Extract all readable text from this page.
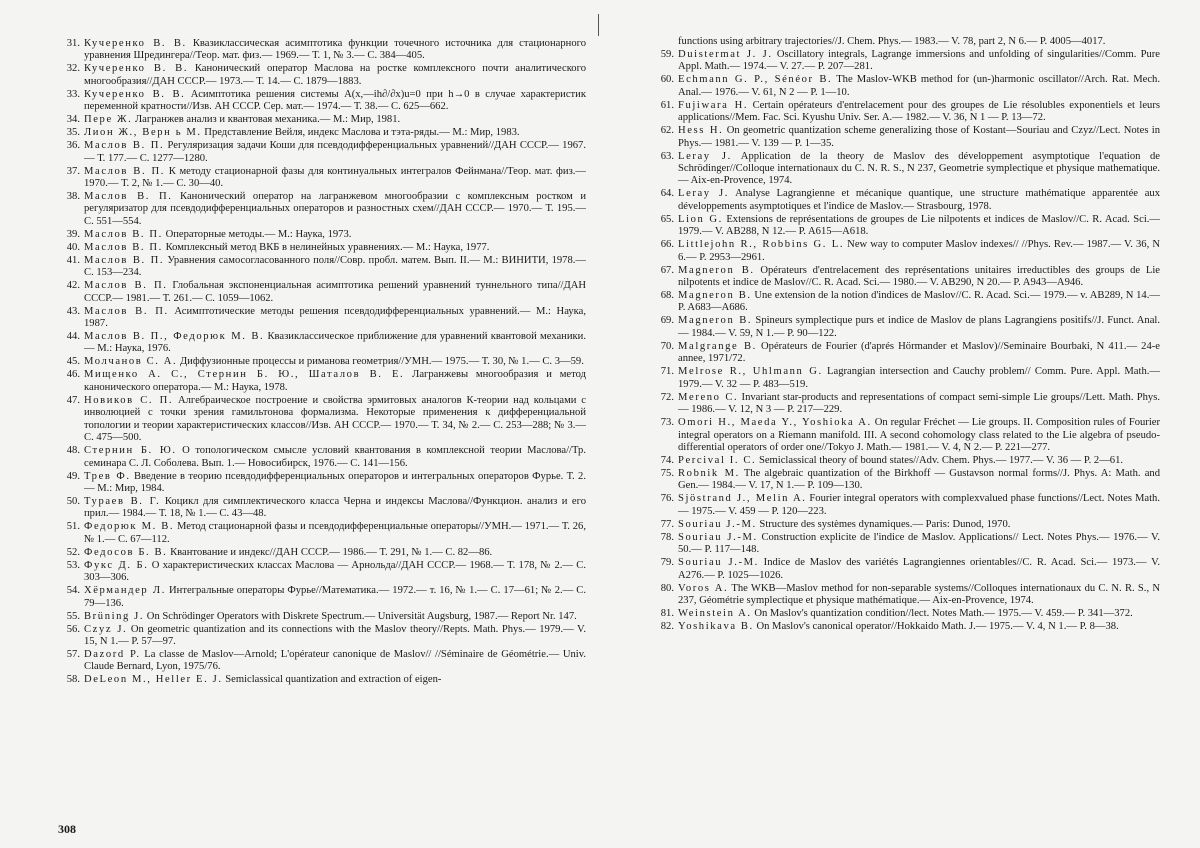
31. Кучеренко В. В. Квазиклассическая асимптотика функции точечного источника для стационарного уравнения Шредингера//Теор. мат. физ.— 1969.— Т. 1, № 3.— С. 384—405.
32. Кучеренко В. В. Канонический оператор Маслова на ростке комплексного почти аналитического многообразия//ДАН СССР.— 1973.— Т. 14.— С. 1879—1883.
33. Кучеренко В. В. Асимптотика решения системы A(x,—ih∂/∂x)u=0 при h→0 в случае характеристик переменной кратности//Изв. АН СССР. Сер. мат.— 1974.— Т. 38.— С. 625—662.
34. Пере Ж. Лагранжев анализ и квантовая механика.— М.: Мир, 1981.
35. Лион Ж., Верн ь М. Представление Вейля, индекс Маслова и тэта-ряды.— М.: Мир, 1983.
36. Маслов В. П. Регуляризация задачи Коши для псевдодифференциальных уравнений//ДАН СССР.— 1967.— Т. 177.— С. 1277—1280.
37. Маслов В. П. К методу стационарной фазы для континуальных интегралов Фейнмана//Теор. мат. физ.— 1970.— Т. 2, № 1.— С. 30—40.
38. Маслов В. П. Канонический оператор на лагранжевом многообразии с комплексным ростком и регуляризатор для псевдодифференциальных операторов и разностных схем//ДАН СССР.— 1970.— Т. 195.— С. 551—554.
39. Маслов В. П. Операторные методы.— М.: Наука, 1973.
40. Маслов В. П. Комплексный метод ВКБ в нелинейных уравнениях.— М.: Наука, 1977.
41. Маслов В. П. Уравнения самосогласованного поля//Совр. пробл. матем. Вып. II.— М.: ВИНИТИ, 1978.— С. 153—234.
42. Маслов В. П. Глобальная экспоненциальная асимптотика решений уравнений туннельного типа//ДАН СССР.— 1981.— Т. 261.— С. 1059—1062.
43. Маслов В. П. Асимптотические методы решения псевдодифференциальных уравнений.— М.: Наука, 1987.
44. Маслов В. П., Федорюк М. В. Квазиклассическое приближение для уравнений квантовой механики.— М.: Наука, 1976.
45. Молчанов С. А. Диффузионные процессы и риманова геометрия//УМН.— 1975.— Т. 30, № 1.— С. 3—59.
46. Мищенко А. С., Стернин Б. Ю., Шаталов В. Е. Лагранжевы многообразия и метод канонического оператора.— М.: Наука, 1978.
47. Новиков С. П. Алгебраическое построение и свойства эрмитовых аналогов К-теории над кольцами с инволюцией с точки зрения гамильтонова формализма. Некоторые применения к дифференциальной топологии и теории характеристических классов//Изв. АН СССР.— 1970.— Т. 34, № 2.— С. 253—288; № 3.— С. 475—500.
48. Стернин Б. Ю. О топологическом смысле условий квантования в комплексной теории Маслова//Тр. семинара С. Л. Соболева. Вып. 1.— Новосибирск, 1976.— С. 141—156.
49. Трев Ф. Введение в теорию псевдодифференциальных операторов и интегральных операторов Фурье. Т. 2.— М.: Мир, 1984.
50. Тураев В. Г. Коцикл для симплектического класса Черна и индексы Маслова//Функцион. анализ и его прил.— 1984.— Т. 18, № 1.— С. 43—48.
51. Федорюк М. В. Метод стационарной фазы и псевдодифференциальные операторы//УМН.— 1971.— Т. 26, № 1.— С. 67—112.
52. Федосов Б. В. Квантование и индекс//ДАН СССР.— 1986.— Т. 291, № 1.— С. 82—86.
53. Фукс Д. Б. О характеристических классах Маслова — Арнольда//ДАН СССР.— 1968.— Т. 178, № 2.— С. 303—306.
54. Хёрмандер Л. Интегральные операторы Фурье//Математика.— 1972.— т. 16, № 1.— С. 17—61; № 2.— С. 79—136.
55. Brüning J. On Schrödinger Operators with Diskrete Spectrum.— Universität Augsburg, 1987.— Report Nr. 147.
56. Czyz J. On geometric quantization and its connections with the Maslov theory//Repts. Math. Phys.— 1979.— V. 15, N 1.— P. 57—97.
57. Dazord P. La classe de Maslov—Arnold; L'opérateur canonique de Maslov// //Séminaire de Géométrie.— Univ. Claude Bernard, Lyon, 1975/76.
58. DeLeon M., Heller E. J. Semiclassical quantization and extraction of eigen-
308
functions using arbitrary trajectories//J. Chem. Phys.— 1983.— V. 78, part 2, N 6.— P. 4005—4017.
59. Duistermat J. J. Oscillatory integrals, Lagrange immersions and unfolding of singularities//Comm. Pure Appl. Math.— 1974.— V. 27.— P. 207—281.
60. Echmann G. P., Sénéor B. The Maslov-WKB method for (un-)harmonic oscillator//Arch. Rat. Mech. Anal.— 1976.— V. 61, N 2 — P. 1—10.
61. Fujiwara H. Certain opérateurs d'entrelacement pour des groupes de Lie résolubles exponentiels et leurs applications//Mem. Fac. Sci. Kyushu Univ. Ser. A.— 1982.— V. 36, N 1 — P. 13—72.
62. Hess H. On geometric quantization scheme generalizing those of Kostant—Souriau and Czyz//Lect. Notes in Phys.— 1981.— V. 139 — P. 1—35.
63. Leray J. Application de la theory de Maslov des développement asymptotique l'equation de Schrödinger//Colloque internationaux du C. N. R. S., N 237, Geometrie symplectique et physique mathematique.— Aix-en-Provence, 1974.
64. Leray J. Analyse Lagrangienne et mécanique quantique, une structure mathématique apparentée aux développements asymptotiques et l'indice de Maslov.— Strasbourg, 1978.
65. Lion G. Extensions de représentations de groupes de Lie nilpotents et indices de Maslov//C. R. Acad. Sci.— 1979.— V. AB288, N 12.— P. A615—A618.
66. Littlejohn R., Robbins G. L. New way to computer Maslov indexes// //Phys. Rev.— 1987.— V. 36, N 6.— P. 2953—2961.
67. Magneron B. Opérateurs d'entrelacement des représentations unitaires irreductibles des groups de Lie nilpotents et indice de Maslov//C. R. Acad. Sci.— 1980.— V. AB290, N 20.— P. A943—A946.
68. Magneron B. Une extension de la notion d'indices de Maslov//C. R. Acad. Sci.— 1979.— v. AB289, N 14.— P. A683—A686.
69. Magneron B. Spineurs symplectique purs et indice de Maslov de plans Lagrangiens positifs//J. Funct. Anal.— 1984.— V. 59, N 1.— P. 90—122.
70. Malgrange B. Opérateurs de Fourier (d'aprés Hörmander et Maslov)//Seminaire Bourbaki, N 411.— 24-e annee, 1971/72.
71. Melrose R., Uhlmann G. Lagrangian intersection and Cauchy problem// Comm. Pure. Appl. Math.— 1979.— V. 32 — P. 483—519.
72. Mereno C. Invariant star-products and representations of compact semi-simple Lie groups//Lett. Math. Phys.— 1986.— V. 12, N 3 — P. 217—229.
73. Omori H., Maeda Y., Yoshioka A. On regular Fréchet — Lie groups. II. Composition rules of Fourier integral operators on a Riemann manifold. III. A second cohomology class related to the Lie algebra of pseudo-differential operators of order one//Tokyo J. Math.— 1981.— V. 4, N 2.— P. 221—277.
74. Percival I. C. Semiclassical theory of bound states//Adv. Chem. Phys.— 1977.— V. 36 — P. 2—61.
75. Robnik M. The algebraic quantization of the Birkhoff — Gustavson normal forms//J. Phys. A: Math. and Gen.— 1984.— V. 17, N 1.— P. 109—130.
76. Sjöstrand J., Melin A. Fourier integral operators with complexvalued phase functions//Lect. Notes Math.— 1975.— V. 459 — P. 120—223.
77. Souriau J.-M. Structure des systèmes dynamiques.— Paris: Dunod, 1970.
78. Souriau J.-M. Construction explicite de l'indice de Maslov. Applications// Lect. Notes Phys.— 1976.— V. 50.— P. 117—148.
79. Souriau J.-M. Indice de Maslov des variétés Lagrangiennes orientables//C. R. Acad. Sci.— 1973.— V. A276.— P. 1025—1026.
80. Voros A. The WKB—Maslov method for non-separable systems//Colloques internationaux du C. N. R. S., N 237, Géométrie symplectique et physique mathématique.— Aix-en-Provence, 1974.
81. Weinstein A. On Maslov's quantization condition//lect. Notes Math.— 1975.— V. 459.— P. 341—372.
82. Yoshikava B. On Maslov's canonical operator//Hokkaido Math. J.— 1975.— V. 4, N 1.— P. 8—38.
